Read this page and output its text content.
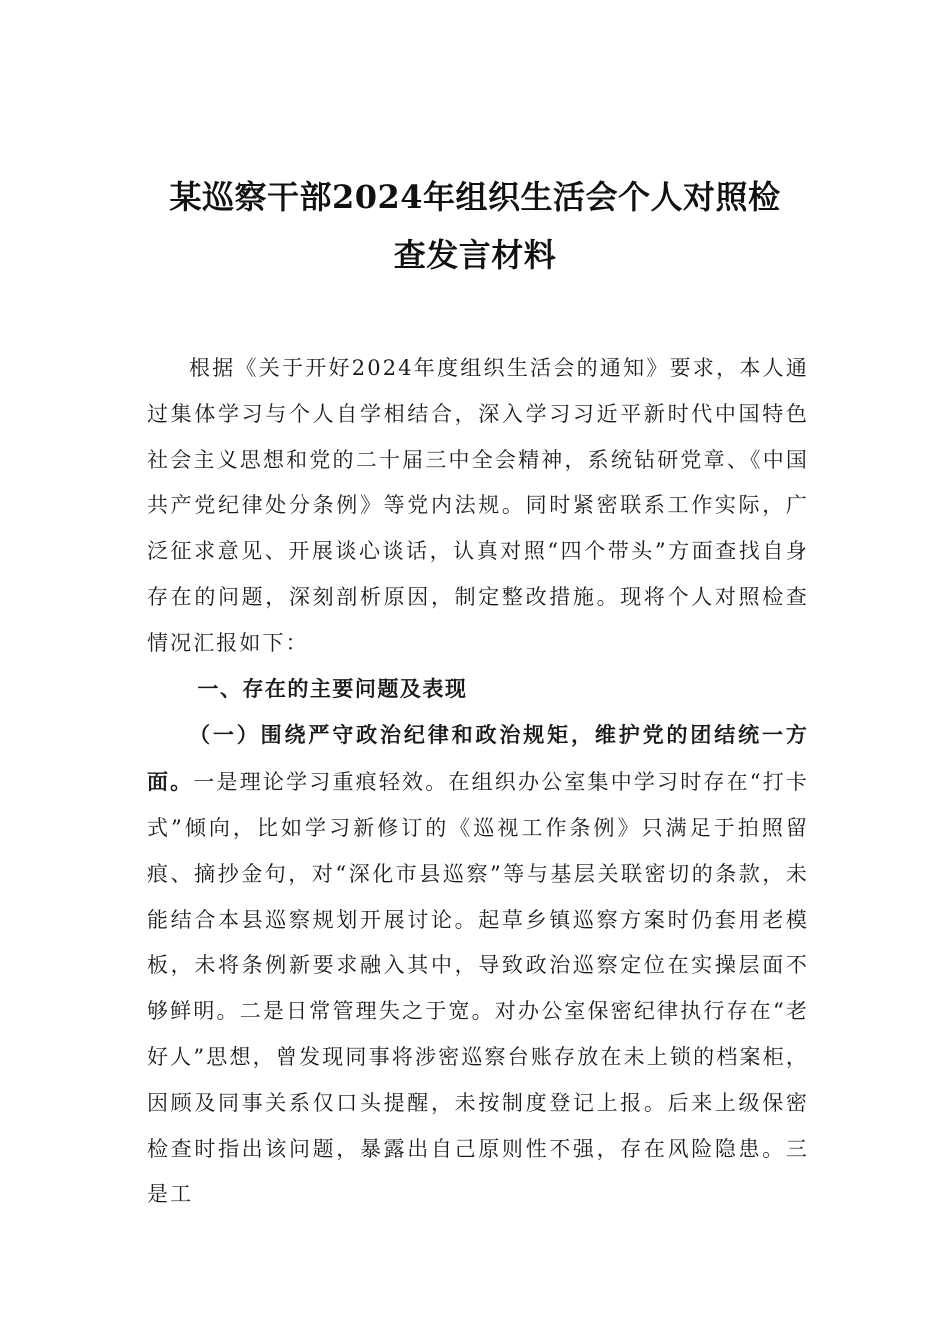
某巡察干部2024年组织生活会个人对照检
查发言材料

根据《关于开好2024年度组织生活会的通知》要求，本人通过集体学习与个人自学相结合，深入学习习近平新时代中国特色社会主义思想和党的二十届三中全会精神，系统钻研党章、《中国共产党纪律处分条例》等党内法规。同时紧密联系工作实际，广泛征求意见、开展谈心谈话，认真对照“四个带头”方面查找自身存在的问题，深刻剖析原因，制定整改措施。现将个人对照检查情况汇报如下：

一、存在的主要问题及表现

（一）围绕严守政治纪律和政治规矩，维护党的团结统一方面。一是理论学习重痕轻效。在组织办公室集中学习时存在“打卡式”倾向，比如学习新修订的《巡视工作条例》只满足于拍照留痕、摘抄金句，对“深化市县巡察”等与基层关联密切的条款，未能结合本县巡察规划开展讨论。起草乡镇巡察方案时仍套用老模板，未将条例新要求融入其中，导致政治巡察定位在实操层面不够鲜明。二是日常管理失之于宽。对办公室保密纪律执行存在“老好人”思想，曾发现同事将涉密巡察台账存放在未上锁的档案柜，因顾及同事关系仅口头提醒，未按制度登记上报。后来上级保密检查时指出该问题，暴露出自己原则性不强，存在风险隐患。三是工
